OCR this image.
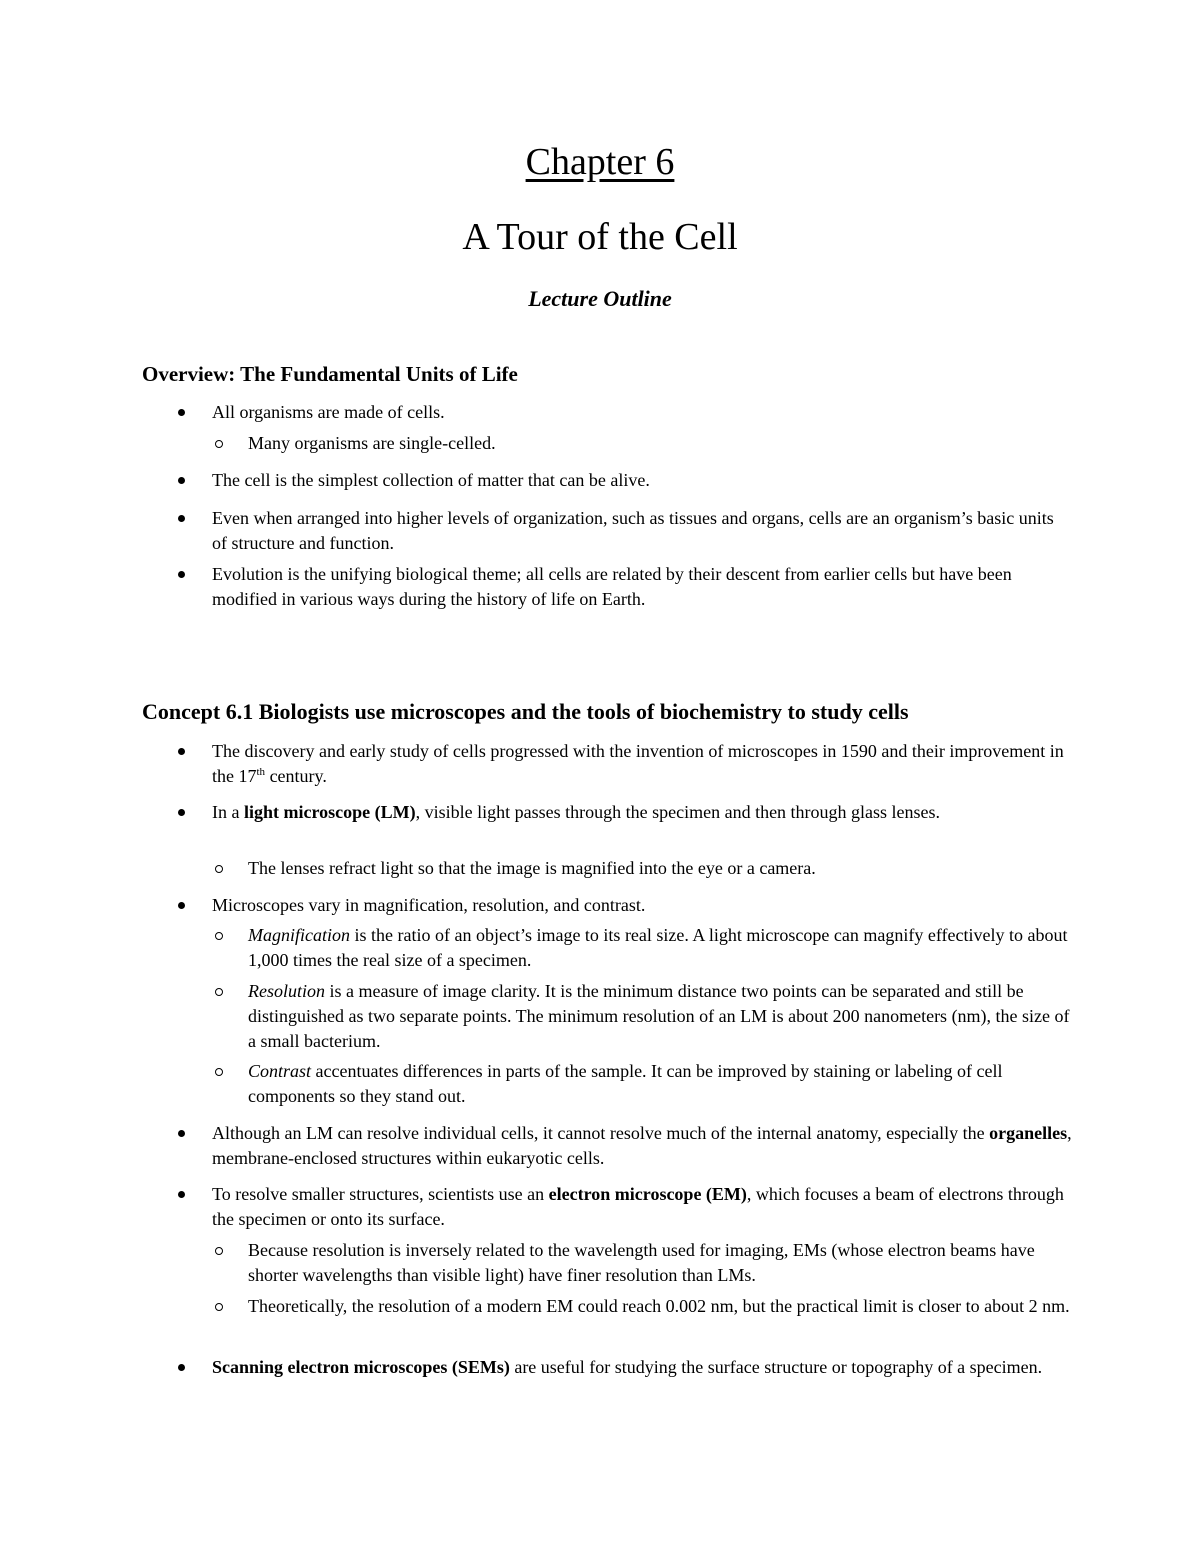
Chapter 6
A Tour of the Cell
Lecture Outline
Overview: The Fundamental Units of Life
All organisms are made of cells.
Many organisms are single-celled.
The cell is the simplest collection of matter that can be alive.
Even when arranged into higher levels of organization, such as tissues and organs, cells are an organism’s basic units of structure and function.
Evolution is the unifying biological theme; all cells are related by their descent from earlier cells but have been modified in various ways during the history of life on Earth.
Concept 6.1 Biologists use microscopes and the tools of biochemistry to study cells
The discovery and early study of cells progressed with the invention of microscopes in 1590 and their improvement in the 17th century.
In a light microscope (LM), visible light passes through the specimen and then through glass lenses.
The lenses refract light so that the image is magnified into the eye or a camera.
Microscopes vary in magnification, resolution, and contrast.
Magnification is the ratio of an object’s image to its real size. A light microscope can magnify effectively to about 1,000 times the real size of a specimen.
Resolution is a measure of image clarity. It is the minimum distance two points can be separated and still be distinguished as two separate points. The minimum resolution of an LM is about 200 nanometers (nm), the size of a small bacterium.
Contrast accentuates differences in parts of the sample. It can be improved by staining or labeling of cell components so they stand out.
Although an LM can resolve individual cells, it cannot resolve much of the internal anatomy, especially the organelles, membrane-enclosed structures within eukaryotic cells.
To resolve smaller structures, scientists use an electron microscope (EM), which focuses a beam of electrons through the specimen or onto its surface.
Because resolution is inversely related to the wavelength used for imaging, EMs (whose electron beams have shorter wavelengths than visible light) have finer resolution than LMs.
Theoretically, the resolution of a modern EM could reach 0.002 nm, but the practical limit is closer to about 2 nm.
Scanning electron microscopes (SEMs) are useful for studying the surface structure or topography of a specimen.
